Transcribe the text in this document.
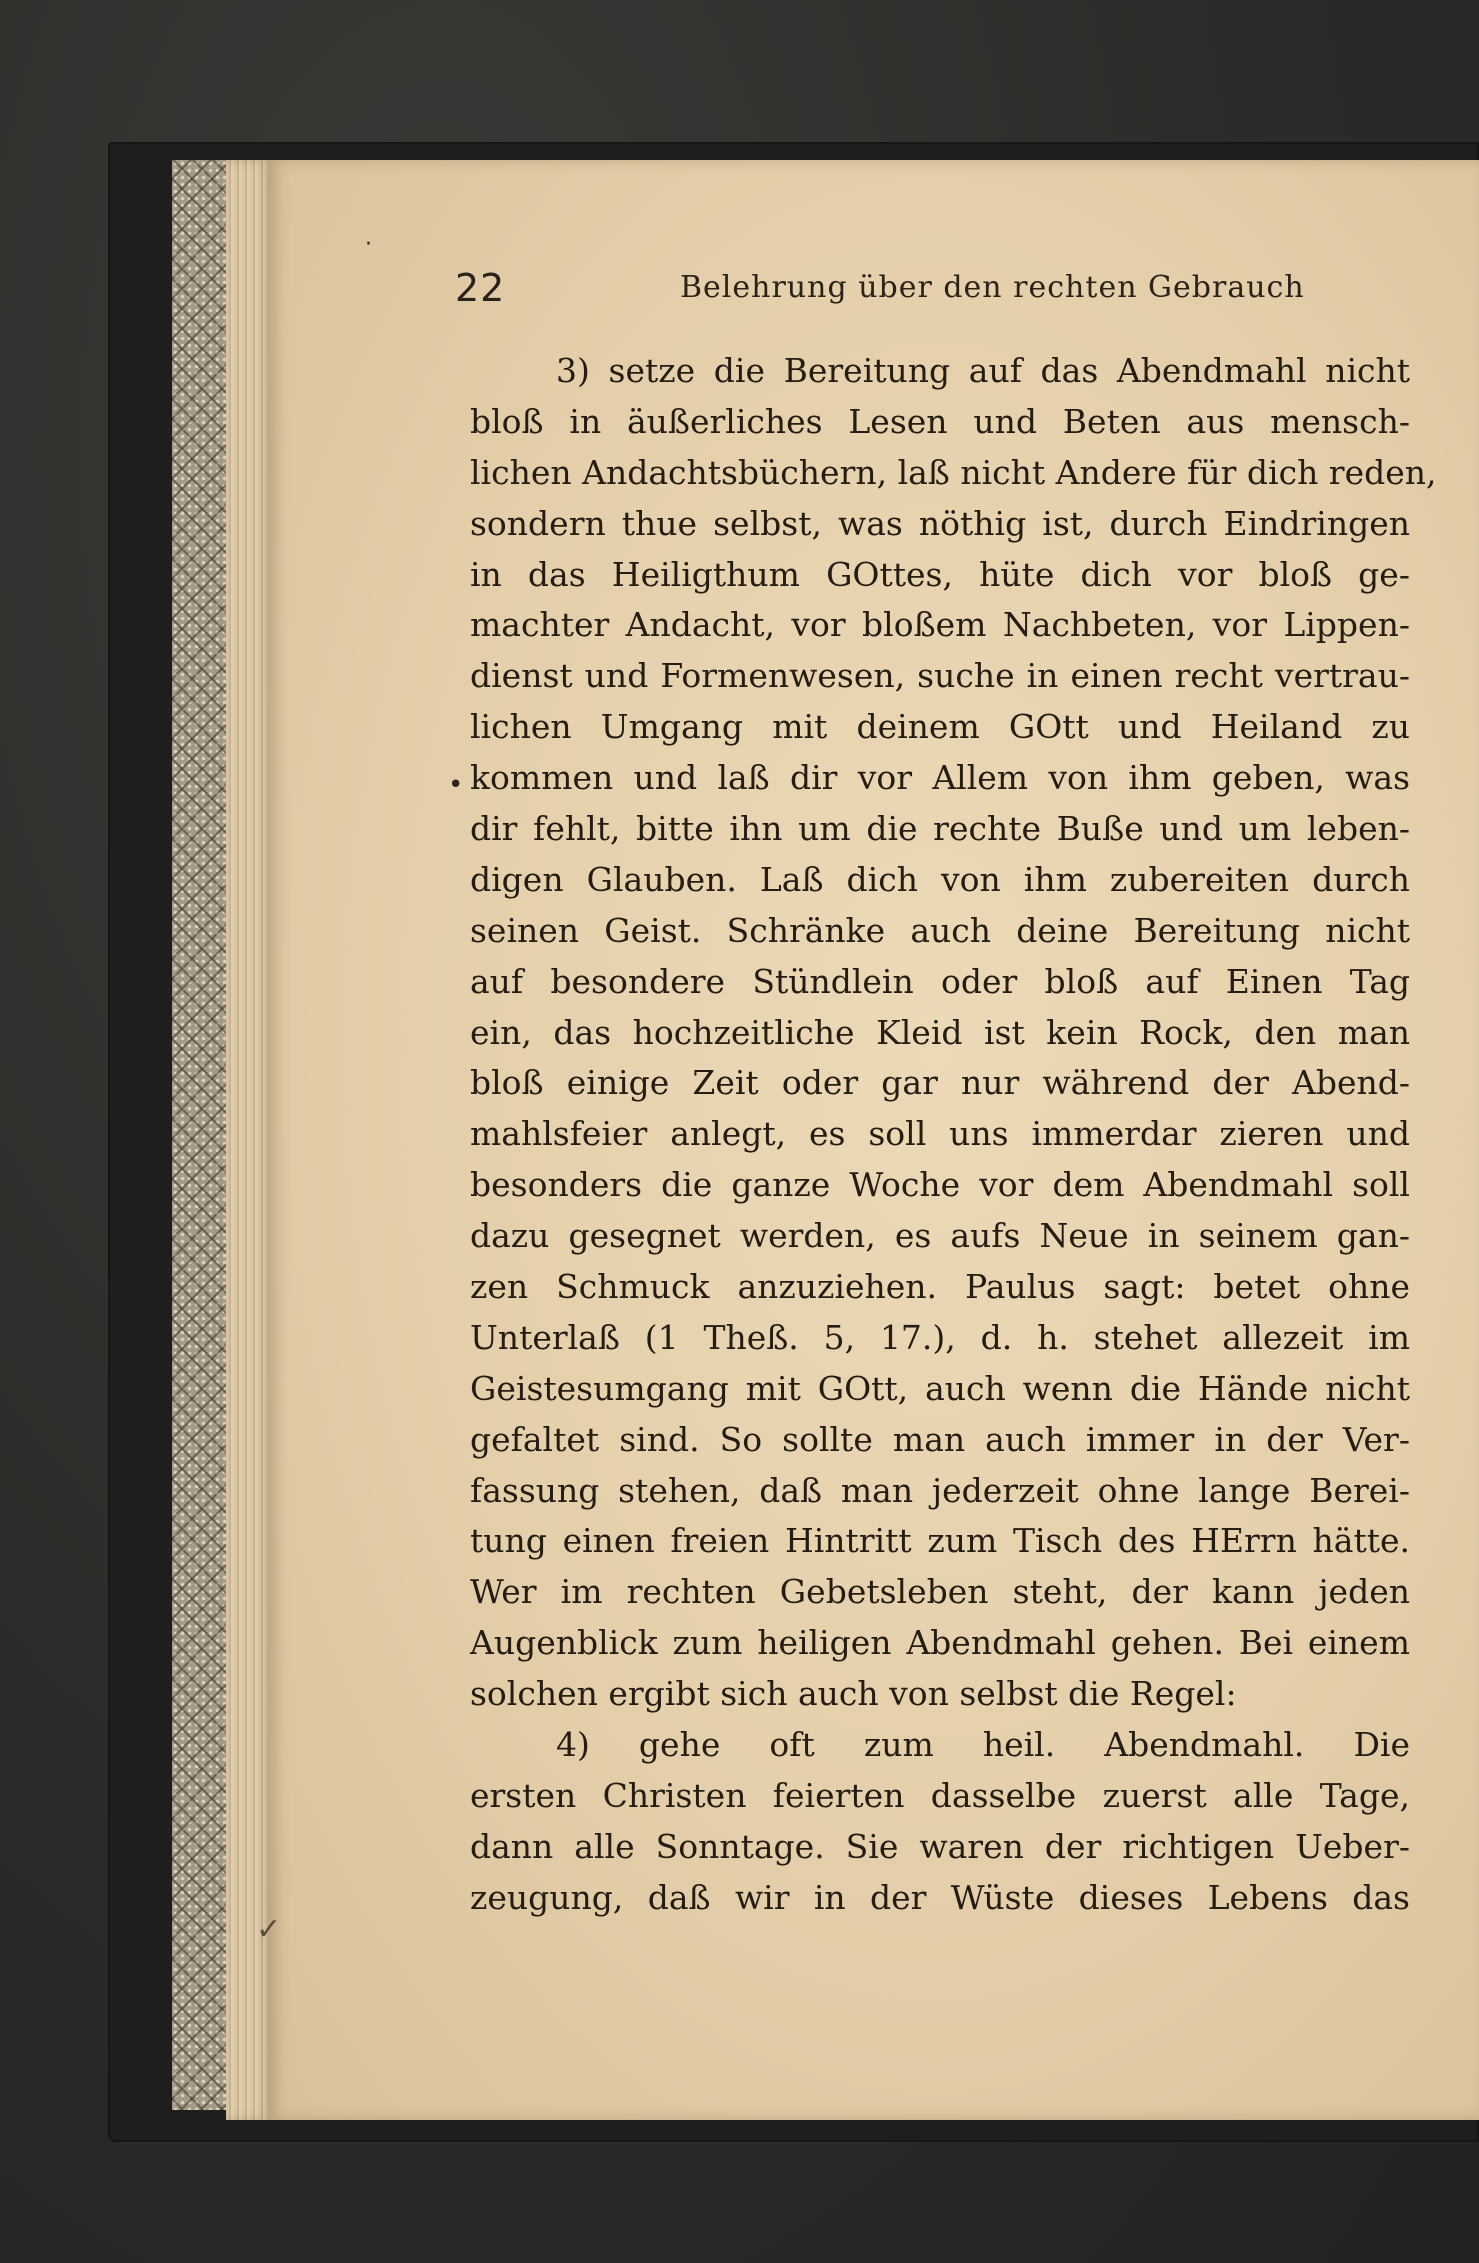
·
•
✓
22	Belehrung über den rechten Gebrauch
3) setze die Bereitung auf das Abendmahl nicht
bloß in äußerliches Lesen und Beten aus mensch-
lichen Andachtsbüchern, laß nicht Andere für dich reden,
sondern thue selbst, was nöthig ist, durch Eindringen
in das Heiligthum GOttes, hüte dich vor bloß ge-
machter Andacht, vor bloßem Nachbeten, vor Lippen-
dienst und Formenwesen, suche in einen recht vertrau-
lichen Umgang mit deinem GOtt und Heiland zu
kommen und laß dir vor Allem von ihm geben, was
dir fehlt, bitte ihn um die rechte Buße und um leben-
digen Glauben. Laß dich von ihm zubereiten durch
seinen Geist. Schränke auch deine Bereitung nicht
auf besondere Stündlein oder bloß auf Einen Tag
ein, das hochzeitliche Kleid ist kein Rock, den man
bloß einige Zeit oder gar nur während der Abend-
mahlsfeier anlegt, es soll uns immerdar zieren und
besonders die ganze Woche vor dem Abendmahl soll
dazu gesegnet werden, es aufs Neue in seinem gan-
zen Schmuck anzuziehen. Paulus sagt: betet ohne
Unterlaß (1 Theß. 5, 17.), d. h. stehet allezeit im
Geistesumgang mit GOtt, auch wenn die Hände nicht
gefaltet sind. So sollte man auch immer in der Ver-
fassung stehen, daß man jederzeit ohne lange Berei-
tung einen freien Hintritt zum Tisch des HErrn hätte.
Wer im rechten Gebetsleben steht, der kann jeden
Augenblick zum heiligen Abendmahl gehen. Bei einem
solchen ergibt sich auch von selbst die Regel:
4) gehe oft zum heil. Abendmahl. Die
ersten Christen feierten dasselbe zuerst alle Tage,
dann alle Sonntage. Sie waren der richtigen Ueber-
zeugung, daß wir in der Wüste dieses Lebens das
